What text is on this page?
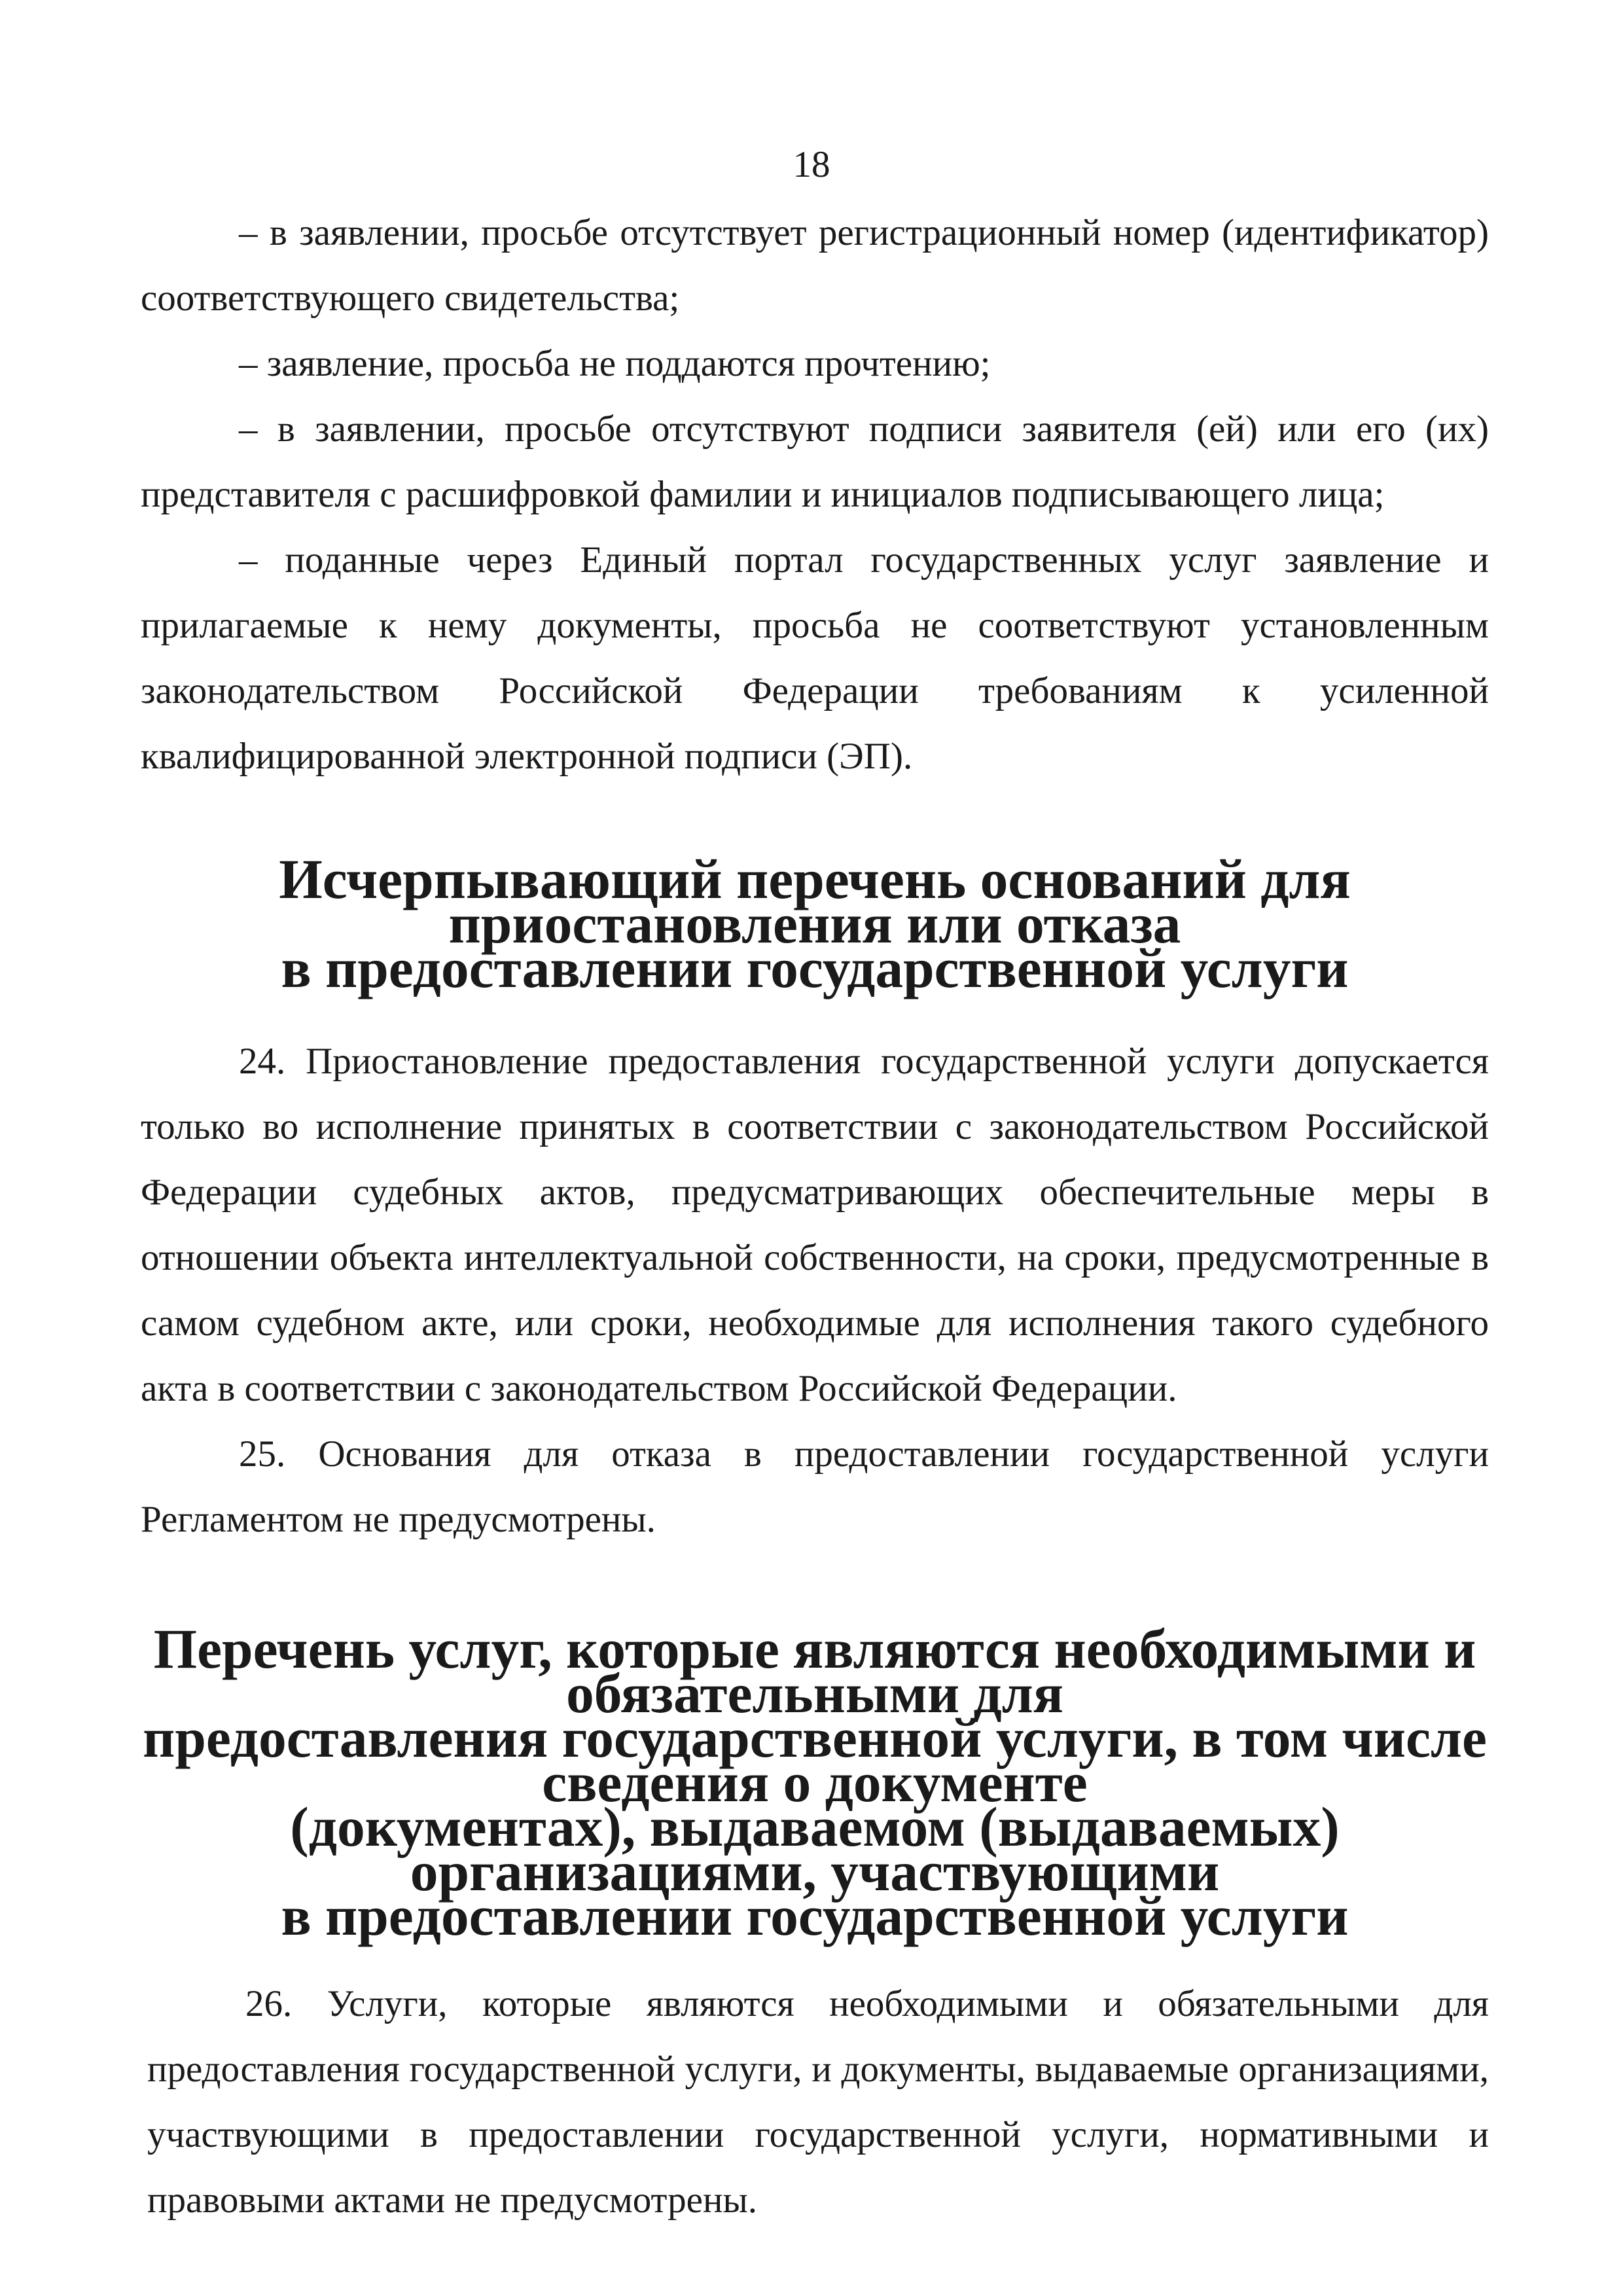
18

– в заявлении, просьбе отсутствует регистрационный номер (идентификатор) соответствующего свидетельства;

– заявление, просьба не поддаются прочтению;

– в заявлении, просьбе отсутствуют подписи заявителя (ей) или его (их) представителя с расшифровкой фамилии и инициалов подписывающего лица;

– поданные через Единый портал государственных услуг заявление и прилагаемые к нему документы, просьба не соответствуют установленным законодательством Российской Федерации требованиям к усиленной квалифицированной электронной подписи (ЭП).

Исчерпывающий перечень оснований для приостановления или отказа
в предоставлении государственной услуги

24. Приостановление предоставления государственной услуги допускается только во исполнение принятых в соответствии с законодательством Российской Федерации судебных актов, предусматривающих обеспечительные меры в отношении объекта интеллектуальной собственности, на сроки, предусмотренные в самом судебном акте, или сроки, необходимые для исполнения такого судебного акта в соответствии с законодательством Российской Федерации.

25. Основания для отказа в предоставлении государственной услуги Регламентом не предусмотрены.

Перечень услуг, которые являются необходимыми и обязательными для
предоставления государственной услуги, в том числе сведения о документе
(документах), выдаваемом (выдаваемых) организациями, участвующими
в предоставлении государственной услуги

26. Услуги, которые являются необходимыми и обязательными для предоставления государственной услуги, и документы, выдаваемые организациями, участвующими в предоставлении государственной услуги, нормативными и правовыми актами не предусмотрены.
